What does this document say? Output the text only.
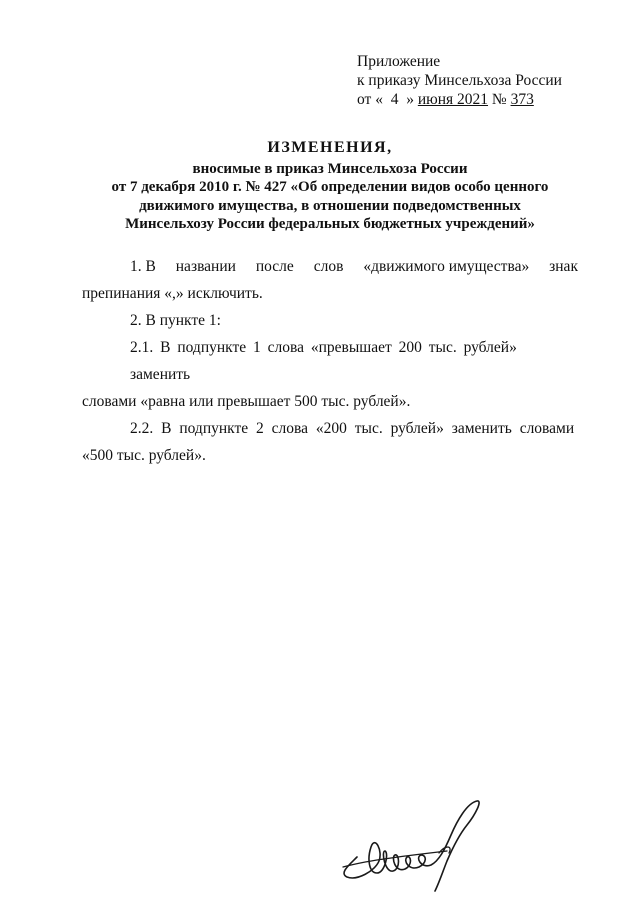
Приложение
к приказу Минсельхоза России
от « 4 » июня 2021 № 373
ИЗМЕНЕНИЯ,
вносимые в приказ Минсельхоза России
от 7 декабря 2010 г. № 427 «Об определении видов особо ценного
движимого имущества, в отношении подведомственных
Минсельхозу России федеральных бюджетных учреждений»
1. В названии после слов «движимого имущества» знак
препинания «,» исключить.
2. В пункте 1:
2.1. В подпункте 1 слова «превышает 200 тыс. рублей» заменить
словами «равна или превышает 500 тыс. рублей».
2.2. В подпункте 2 слова «200 тыс. рублей» заменить словами
«500 тыс. рублей».
